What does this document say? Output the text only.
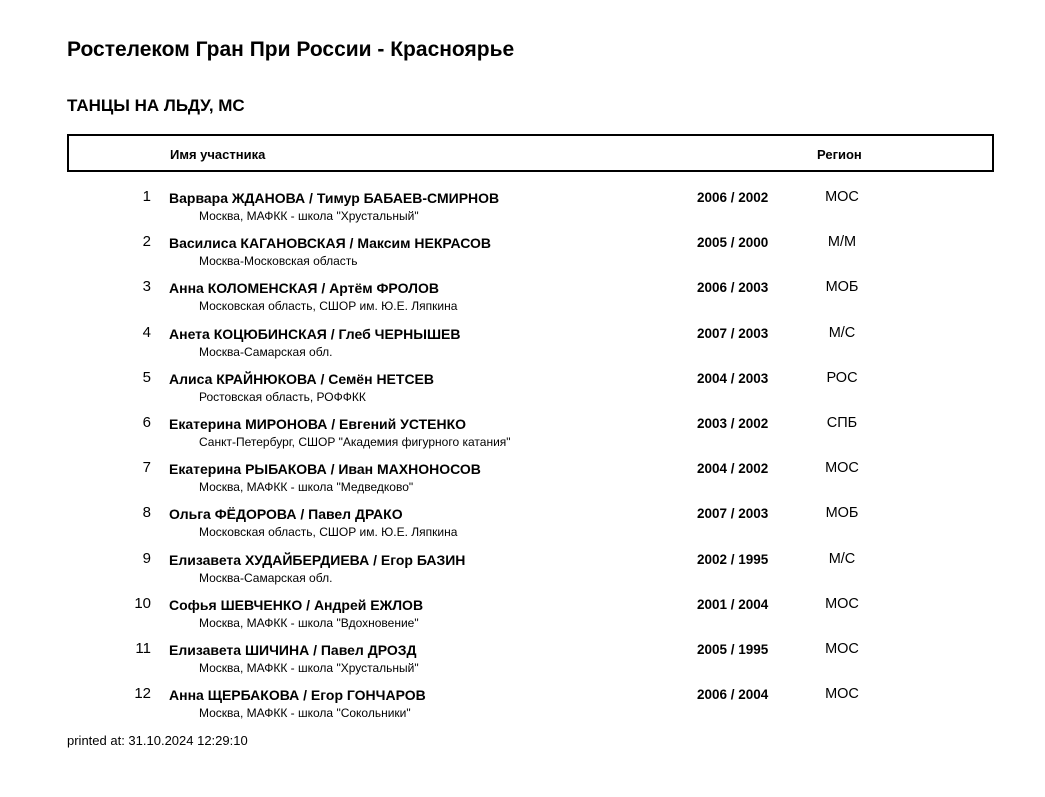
Ростелеком Гран При России - Красноярье
ТАНЦЫ НА ЛЬДУ, МС
Имя участника	Регион
1 Варвара ЖДАНОВА / Тимур БАБАЕВ-СМИРНОВ
Москва, МАФКК - школа "Хрустальный"
2006 / 2002	МОС
2 Василиса КАГАНОВСКАЯ / Максим НЕКРАСОВ
Москва-Московская область
2005 / 2000	М/М
3 Анна КОЛОМЕНСКАЯ / Артём ФРОЛОВ
Московская область, СШОР им. Ю.Е. Ляпкина
2006 / 2003	МОБ
4 Анета КОЦЮБИНСКАЯ / Глеб ЧЕРНЫШЕВ
Москва-Самарская обл.
2007 / 2003	М/С
5 Алиса КРАЙНЮКОВА / Семён НЕТСЕВ
Ростовская область, РОФФКК
2004 / 2003	РОС
6 Екатерина МИРОНОВА / Евгений УСТЕНКО
Санкт-Петербург, СШОР "Академия фигурного катания"
2003 / 2002	СПБ
7 Екатерина РЫБАКОВА / Иван МАХНОНОСОВ
Москва, МАФКК - школа "Медведково"
2004 / 2002	МОС
8 Ольга ФЁДОРОВА / Павел ДРАКО
Московская область, СШОР им. Ю.Е. Ляпкина
2007 / 2003	МОБ
9 Елизавета ХУДАЙБЕРДИЕВА / Егор БАЗИН
Москва-Самарская обл.
2002 / 1995	М/С
10 Софья ШЕВЧЕНКО / Андрей ЕЖЛОВ
Москва, МАФКК - школа "Вдохновение"
2001 / 2004	МОС
11 Елизавета ШИЧИНА / Павел ДРОЗД
Москва, МАФКК - школа "Хрустальный"
2005 / 1995	МОС
12 Анна ЩЕРБАКОВА / Егор ГОНЧАРОВ
Москва, МАФКК - школа "Сокольники"
2006 / 2004	МОС
printed at: 31.10.2024 12:29:10
